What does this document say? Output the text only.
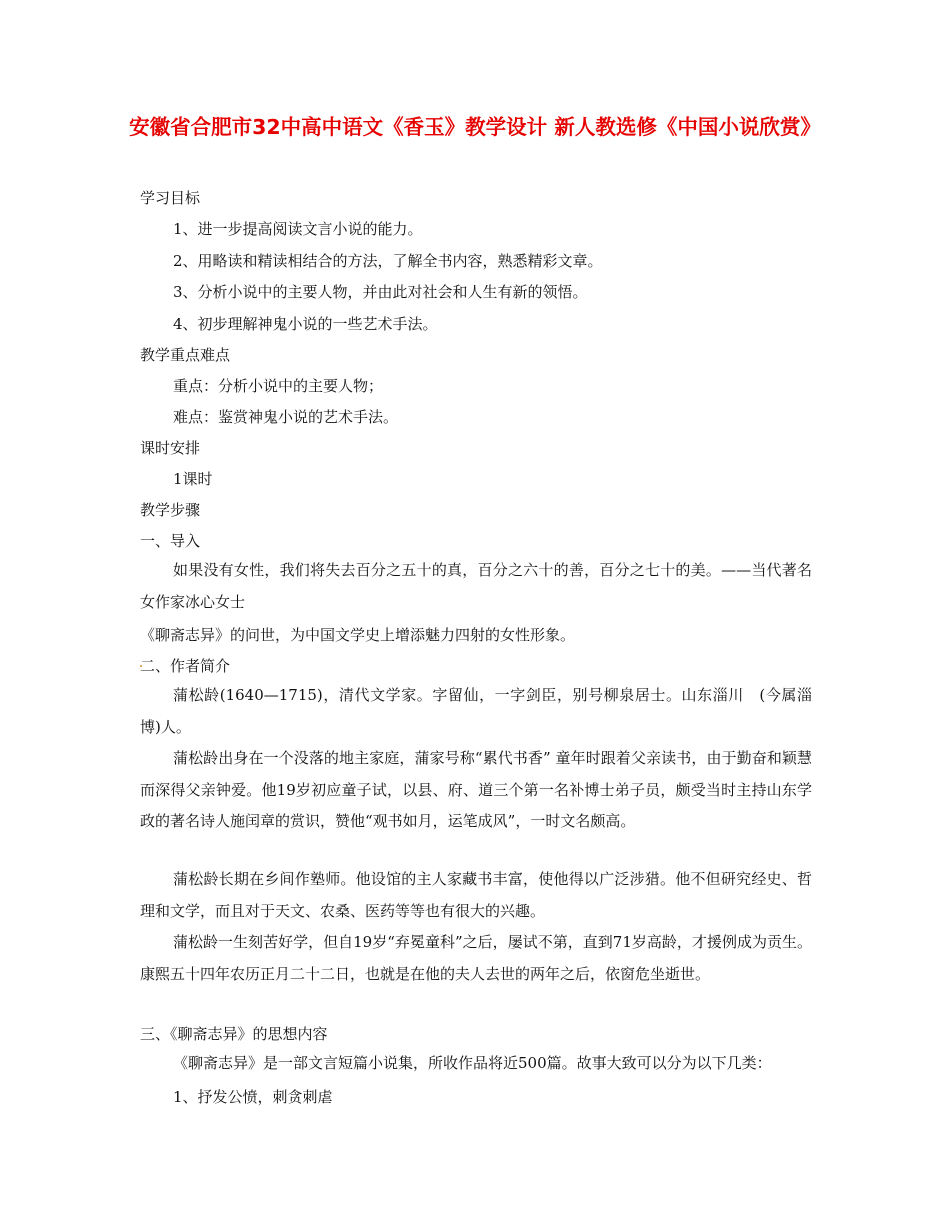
安徽省合肥市32中高中语文《香玉》教学设计 新人教选修《中国小说欣赏》
学习目标
1、进一步提高阅读文言小说的能力。
2、用略读和精读相结合的方法，了解全书内容，熟悉精彩文章。
3、分析小说中的主要人物，并由此对社会和人生有新的领悟。
4、初步理解神鬼小说的一些艺术手法。
教学重点难点
重点：分析小说中的主要人物；
难点：鉴赏神鬼小说的艺术手法。
课时安排
1课时
教学步骤
一、导入
如果没有女性，我们将失去百分之五十的真，百分之六十的善，百分之七十的美。——当代著名女作家冰心女士
《聊斋志异》的问世，为中国文学史上增添魅力四射的女性形象。
二、作者简介
蒲松龄(1640—1715)，清代文学家。字留仙，一字剑臣，别号柳泉居士。山东淄川　(今属淄博)人。
蒲松龄出身在一个没落的地主家庭，蒲家号称“累代书香” 童年时跟着父亲读书，由于勤奋和颖慧而深得父亲钟爱。他19岁初应童子试，以县、府、道三个第一名补博士弟子员，颇受当时主持山东学政的著名诗人施闰章的赏识，赞他“观书如月，运笔成风”，一时文名颇高。
蒲松龄长期在乡间作塾师。他设馆的主人家藏书丰富，使他得以广泛涉猎。他不但研究经史、哲理和文学，而且对于天文、农桑、医药等等也有很大的兴趣。
蒲松龄一生刻苦好学，但自19岁“弃冕童科”之后，屡试不第，直到71岁高龄，才援例成为贡生。康熙五十四年农历正月二十二日，也就是在他的夫人去世的两年之后，依窗危坐逝世。
三、《聊斋志异》的思想内容
《聊斋志异》是一部文言短篇小说集，所收作品将近500篇。故事大致可以分为以下几类：
1、抒发公愤，刺贪刺虐
